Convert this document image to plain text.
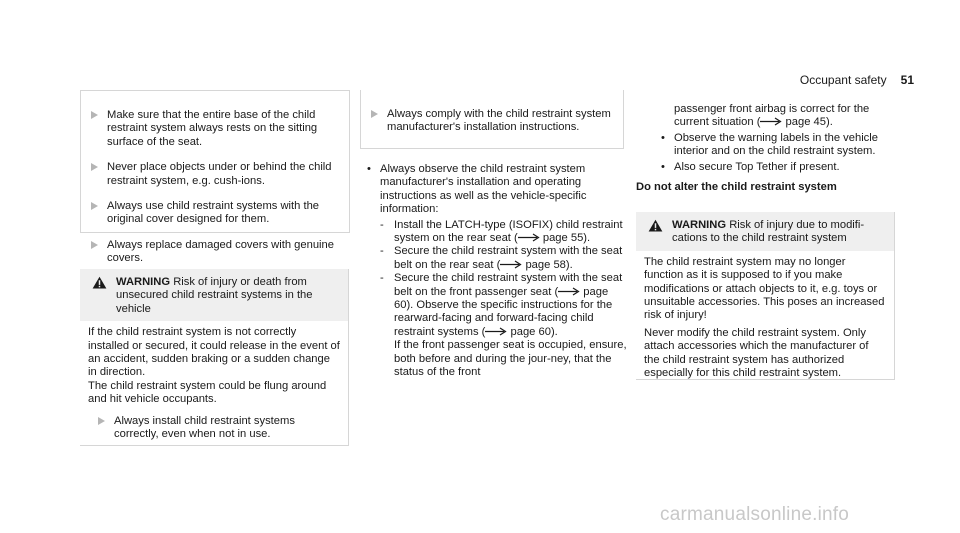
Occupant safety 51
Make sure that the entire base of the child restraint system always rests on the sitting surface of the seat.
Never place objects under or behind the child restraint system, e.g. cush-ions.
Always use child restraint systems with the original cover designed for them.
Always replace damaged covers with genuine covers.
WARNING Risk of injury or death from unsecured child restraint systems in the vehicle
If the child restraint system is not correctly installed or secured, it could release in the event of an accident, sudden braking or a sudden change in direction.
The child restraint system could be flung around and hit vehicle occupants.
Always install child restraint systems correctly, even when not in use.
Always comply with the child restraint system manufacturer's installation instructions.
• Always observe the child restraint system manufacturer's installation and operating instructions as well as the vehicle-specific information:
- Install the LATCH-type (ISOFIX) child restraint system on the rear seat ( page 55).
- Secure the child restraint system with the seat belt on the rear seat ( page 58).
- Secure the child restraint system with the seat belt on the front passenger seat ( page 60). Observe the specific instructions for the rearward-facing and forward-facing child restraint systems ( page 60).
If the front passenger seat is occupied, ensure, both before and during the jour-ney, that the status of the front
passenger front airbag is correct for the current situation ( page 45).
• Observe the warning labels in the vehicle interior and on the child restraint system.
• Also secure Top Tether if present.
Do not alter the child restraint system
WARNING Risk of injury due to modifi-cations to the child restraint system
The child restraint system may no longer function as it is supposed to if you make modifications or attach objects to it, e.g. toys or unsuitable accessories. This poses an increased risk of injury!
Never modify the child restraint system. Only attach accessories which the manufacturer of the child restraint system has authorized especially for this child restraint system.
carmanualsonline.info
